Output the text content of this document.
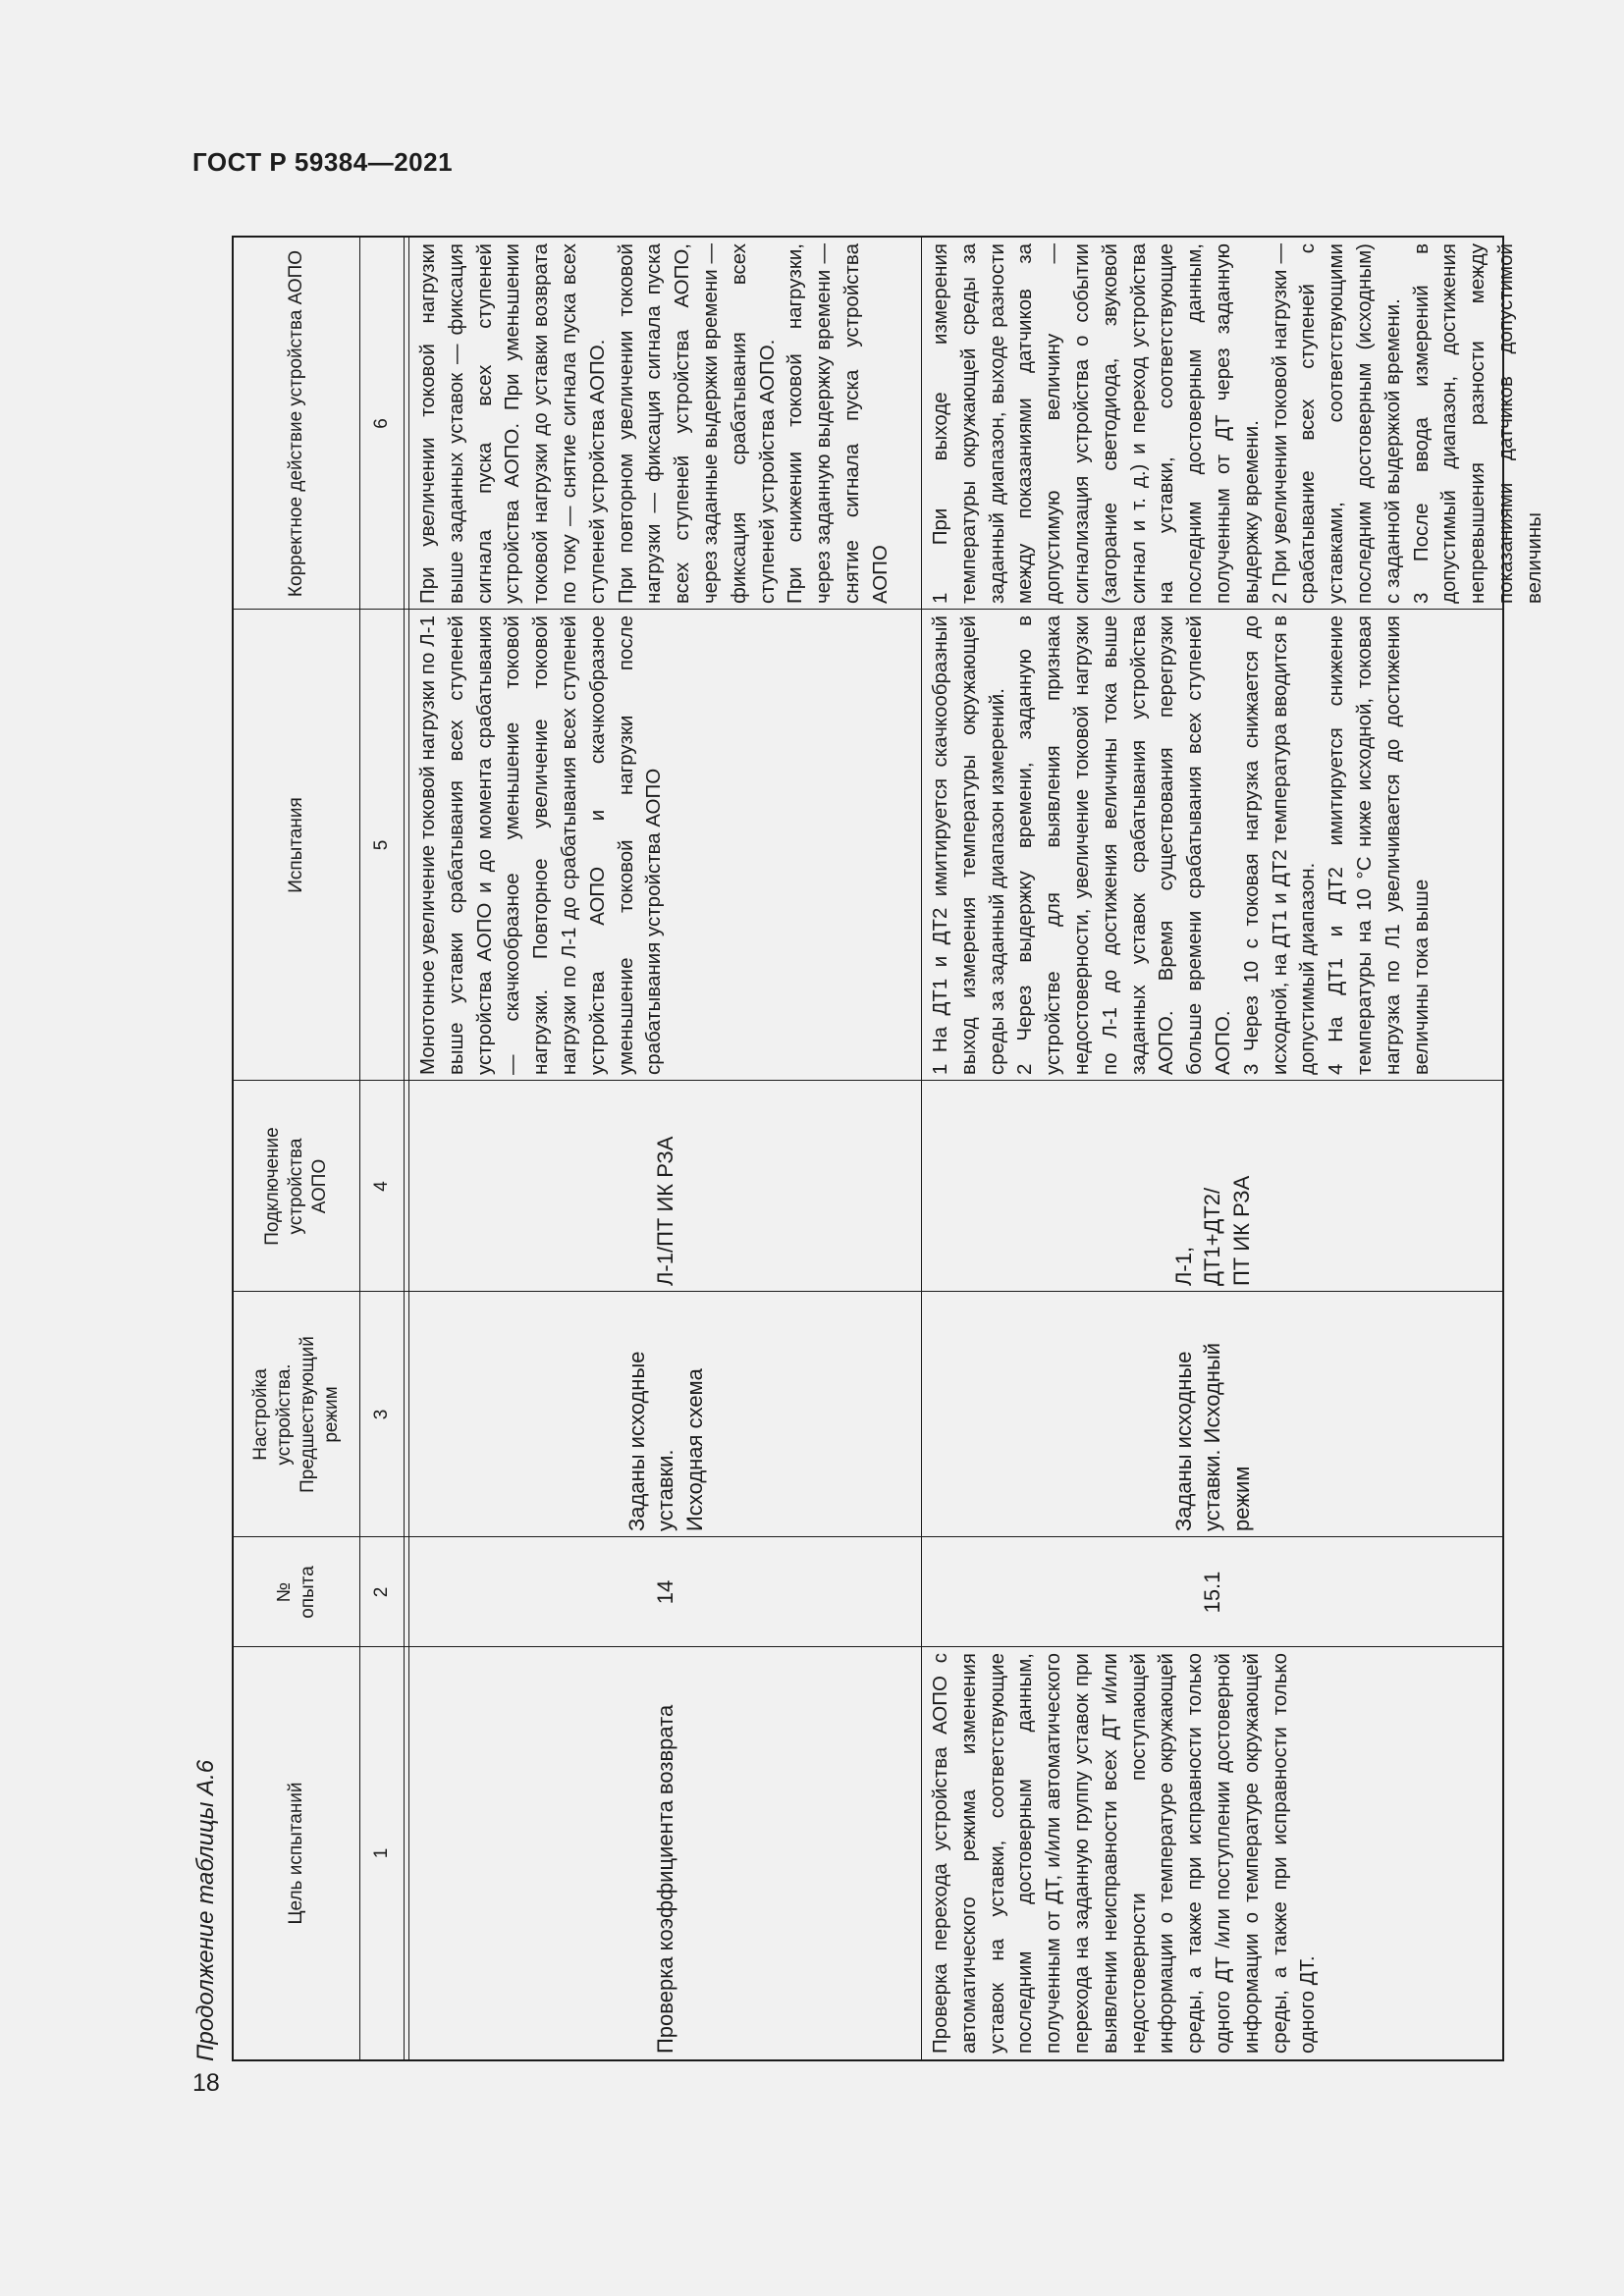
ГОСТ Р 59384—2021
Продолжение таблицы А.6	Цель испытаний
№
опыта
Настройка
устройства.
Предшествующий
режим
Подключение
устройства
АОПО
Испытания
Корректное действие устройства АОПО
1
2
3
4
5
6
Проверка коэффициента возврата
14
Заданы исходные уставки.
Исходная схема
Л-1/ПТ ИК РЗА
Монотонное увеличение токовой нагрузки по Л-1 выше уставки срабатывания всех ступеней устройства АОПО и до момента срабатывания — скачкообразное уменьшение токовой нагрузки. Повторное увеличение токовой нагрузки по Л-1 до срабатывания всех ступеней устройства АОПО и скачкообразное уменьшение токовой нагрузки после срабатывания устройства АОПО
При увеличении токовой нагрузки выше заданных уставок — фиксация сигнала пуска всех ступеней устройства АОПО. При уменьшении токовой нагрузки до уставки возврата по току — снятие сигнала пуска всех ступеней устройства АОПО.
При повторном увеличении токовой нагрузки — фиксация сигнала пуска всех ступеней устройства АОПО, через заданные выдержки времени — фиксация срабатывания всех ступеней устройства АОПО.
При снижении токовой нагрузки, через заданную выдержку времени — снятие сигнала пуска устройства АОПО
Проверка перехода устройства АОПО с автоматического режима изменения уставок на уставки, соответствующие последним достоверным данным, полученным от ДТ, и/или автоматического перехода на заданную группу уставок при выявлении неисправности всех ДТ и/или недостоверности поступающей информации о температуре окружающей среды, а также при исправности только одного ДТ /или поступлении достоверной информации о температуре окружающей среды, а также при исправности только одного ДТ.
15.1
Заданы исходные уставки. Исходный режим
Л-1,
ДТ1+ДТ2/
ПТ ИК РЗА
1 На ДТ1 и ДТ2 имитируется скачкообразный выход измерения температуры окружающей среды за заданный диапазон измерений.
2 Через выдержку времени, заданную в устройстве для выявления признака недостоверности, увеличение токовой нагрузки по Л-1 до достижения величины тока выше заданных уставок срабатывания устройства АОПО. Время существования перегрузки больше времени срабатывания всех ступеней АОПО.
3 Через 10 с токовая нагрузка снижается до исходной, на ДТ1 и ДТ2 температура вводится в допустимый диапазон.
4 На ДТ1 и ДТ2 имитируется снижение температуры на 10 °С ниже исходной, токовая нагрузка по Л1 увеличивается до достижения величины тока выше
1 При выходе измерения температуры окружающей среды за заданный диапазон, выходе разности между показаниями датчиков за допустимую величину — сигнализация устройства о событии (загорание светодиода, звуковой сигнал и т. д.) и переход устройства на уставки, соответствующие последним достоверным данным, полученным от ДТ через заданную выдержку времени.
2 При увеличении токовой нагрузки — срабатывание всех ступеней с уставками, соответствующими последним достоверным (исходным) с заданной выдержкой времени.
3 После ввода измерений в допустимый диапазон, достижения непревышения разности между показаниями датчиков допустимой величины
18
